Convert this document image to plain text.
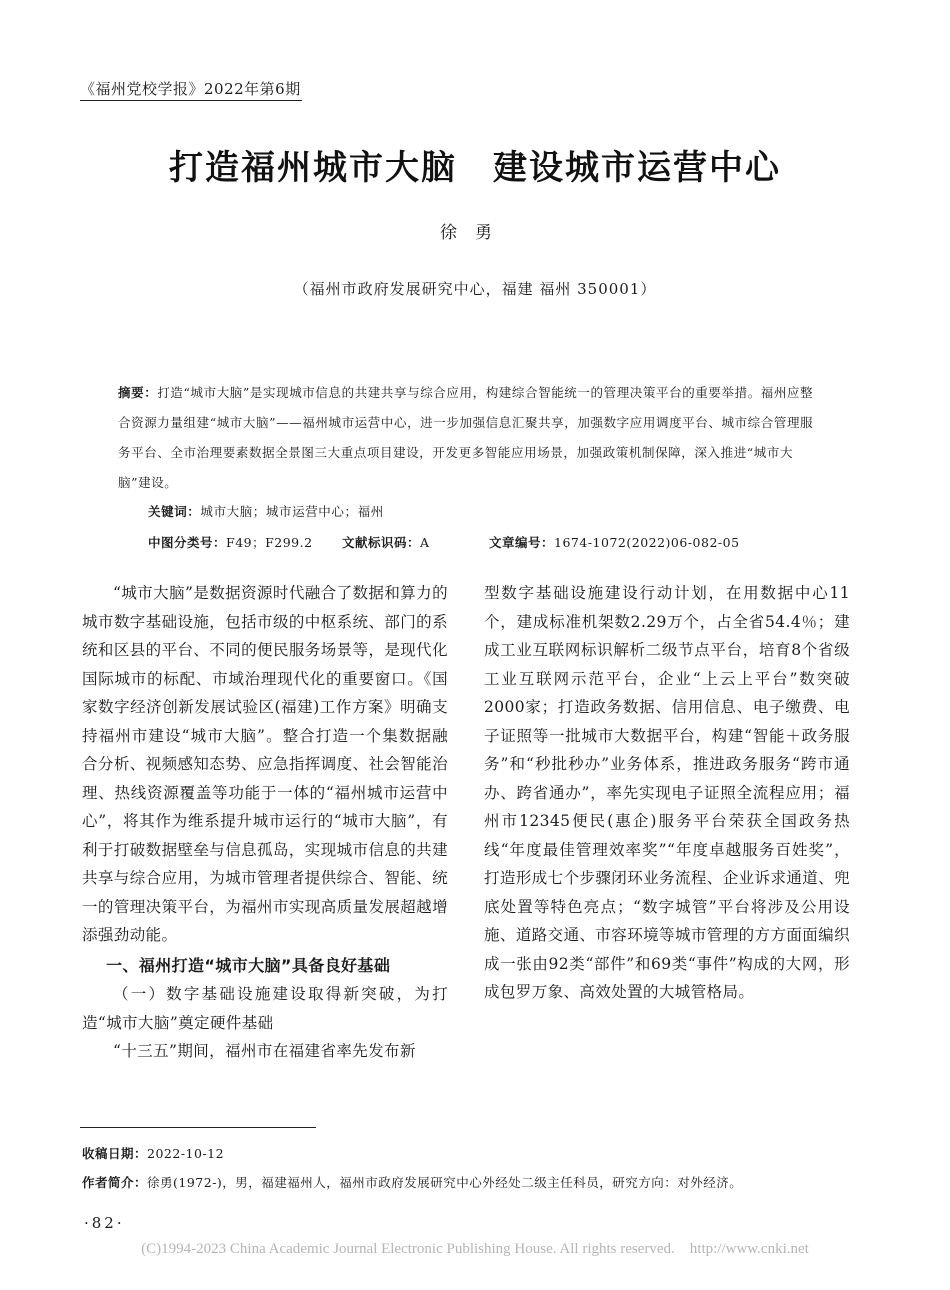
《福州党校学报》2022年第6期
打造福州城市大脑　建设城市运营中心
徐勇
（福州市政府发展研究中心，福建 福州 350001）
摘要：打造“城市大脑”是实现城市信息的共建共享与综合应用，构建综合智能统一的管理决策平台的重要举措。福州应整合资源力量组建“城市大脑”——福州城市运营中心，进一步加强信息汇聚共享，加强数字应用调度平台、城市综合管理服务平台、全市治理要素数据全景图三大重点项目建设，开发更多智能应用场景，加强政策机制保障，深入推进“城市大脑”建设。
关键词：城市大脑；城市运营中心；福州
中图分类号：F49；F299.2 文献标识码：A	文章编号：1674-1072(2022)06-082-05

“城市大脑”是数据资源时代融合了数据和算力的城市数字基础设施，包括市级的中枢系统、部门的系统和区县的平台、不同的便民服务场景等，是现代化国际城市的标配、市域治理现代化的重要窗口。《国家数字经济创新发展试验区(福建)工作方案》明确支持福州市建设“城市大脑”。整合打造一个集数据融合分析、视频感知态势、应急指挥调度、社会智能治理、热线资源覆盖等功能于一体的“福州城市运营中心”，将其作为维系提升城市运行的“城市大脑”，有利于打破数据壁垒与信息孤岛，实现城市信息的共建共享与综合应用，为城市管理者提供综合、智能、统一的管理决策平台，为福州市实现高质量发展超越增添强劲动能。

一、福州打造“城市大脑”具备良好基础

（一）数字基础设施建设取得新突破，为打造“城市大脑”奠定硬件基础

“十三五”期间，福州市在福建省率先发布新

型数字基础设施建设行动计划，在用数据中心11个，建成标准机架数2.29万个，占全省54.4％；建成工业互联网标识解析二级节点平台，培育8个省级工业互联网示范平台，企业“上云上平台”数突破2000家；打造政务数据、信用信息、电子缴费、电子证照等一批城市大数据平台，构建“智能＋政务服务”和“秒批秒办”业务体系，推进政务服务“跨市通办、跨省通办”，率先实现电子证照全流程应用；福州市12345便民(惠企)服务平台荣获全国政务热线“年度最佳管理效率奖”“年度卓越服务百姓奖”，打造形成七个步骤闭环业务流程、企业诉求通道、兜底处置等特色亮点；“数字城管”平台将涉及公用设施、道路交通、市容环境等城市管理的方方面面编织成一张由92类“部件”和69类“事件”构成的大网，形成包罗万象、高效处置的大城管格局。

收稿日期：2022-10-12
作者简介：徐勇(1972-)，男，福建福州人，福州市政府发展研究中心外经处二级主任科员，研究方向：对外经济。
·82·
(C)1994-2023 China Academic Journal Electronic Publishing House. All rights reserved.    http://www.cnki.net
